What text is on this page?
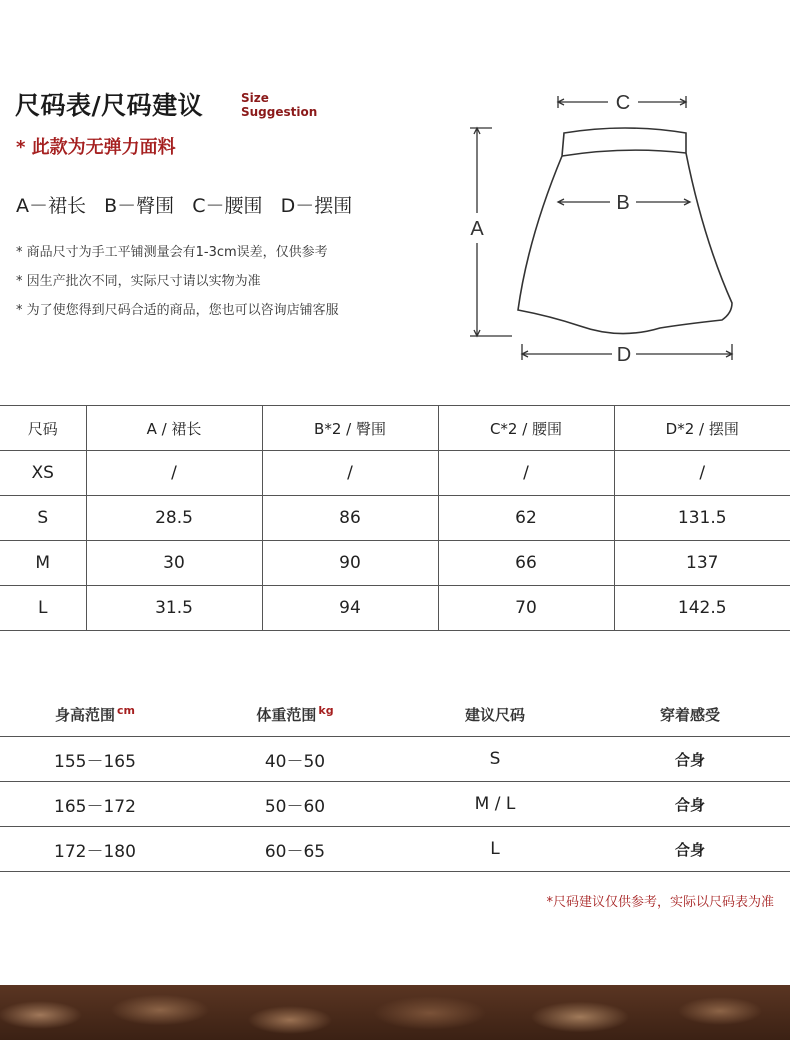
尺码表/尺码建议	Size
Suggestion
* 此款为无弹力面料
A－裙长   B－臀围   C－腰围   D－摆围
* 商品尺寸为手工平铺测量会有1-3cm误差，仅供参考
* 因生产批次不同，实际尺寸请以实物为准
* 为了使您得到尺码合适的商品，您也可以咨询店铺客服
C
B
A
D
尺码	A / 裙长	B*2 / 臀围	C*2 / 腰围	D*2 / 摆围
XS	/	/	/	/
S	28.5	86	62	131.5
M	30	90	66	137
L	31.5	94	70	142.5
身高范围 $^{cm}$	体重范围 $^{kg}$	建议尺码	穿着感受
155－165	40－50	S	合身
165－172	50－60	M / L	合身
172－180	60－65	L	合身
*尺码建议仅供参考，实际以尺码表为准
